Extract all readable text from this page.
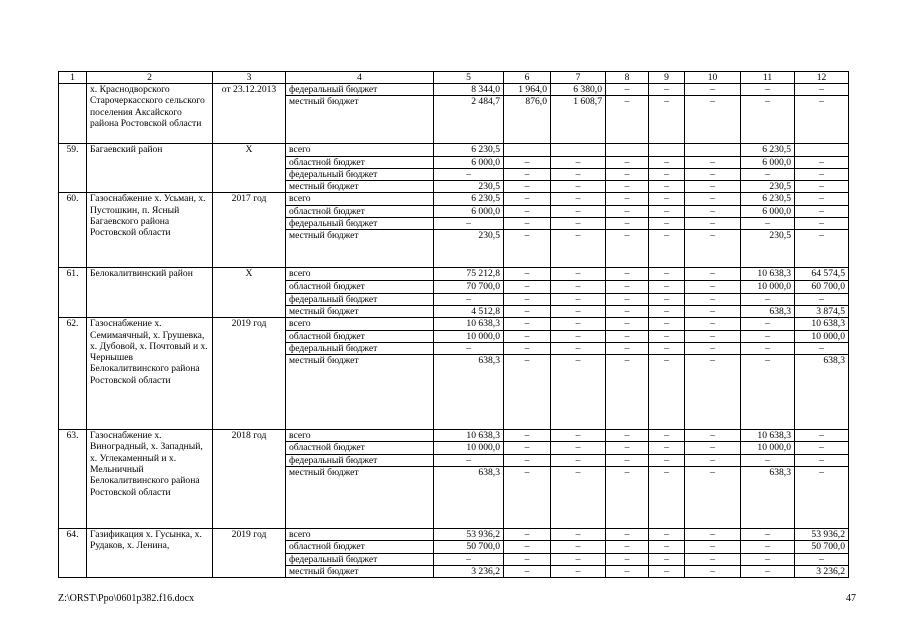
1	2	3	4	5	6	7	8	9	10	11	12
	х. Краснодворского Старочеркасского сельского поселения Аксайского района Ростовской области	от 23.12.2013	федеральный бюджет	8 344,0	1 964,0	6 380,0	–	–	–	–	–
			местный бюджет	2 484,7	876,0	1 608,7	–	–	–	–	–
59.	Багаевский район	Х	всего	6 230,5						6 230,5	
			областной бюджет	6 000,0	–	–	–	–	–	6 000,0	–
			федеральный бюджет	–	–	–	–	–	–	–	–
			местный бюджет	230,5	–	–	–	–	–	230,5	–
60.	Газоснабжение х. Усьман, х. Пустошкин, п. Ясный Багаевского района Ростовской области	2017 год	всего	6 230,5	–	–	–	–	–	6 230,5	–
			областной бюджет	6 000,0	–	–	–	–	–	6 000,0	–
			федеральный бюджет	–	–	–	–	–	–	–	–
			местный бюджет	230,5	–	–	–	–	–	230,5	–
61.	Белокалитвинский район	Х	всего	75 212,8	–	–	–	–	–	10 638,3	64 574,5
			областной бюджет	70 700,0	–	–	–	–	–	10 000,0	60 700,0
			федеральный бюджет	–	–	–	–	–	–	–	–
			местный бюджет	4 512,8	–	–	–	–	–	638,3	3 874,5
62.	Газоснабжение х. Семимаячный, х. Грушевка, х. Дубовой, х. Почтовый и х. Чернышев Белокалитвинского района Ростовской области	2019 год	всего	10 638,3	–	–	–	–	–	–	10 638,3
			областной бюджет	10 000,0	–	–	–	–	–	–	10 000,0
			федеральный бюджет	–	–	–	–	–	–	–	–
			местный бюджет	638,3	–	–	–	–	–	–	638,3
63.	Газоснабжение х. Виноградный, х. Западный, х. Углекаменный и х. Мельничный Белокалитвинского района Ростовской области	2018 год	всего	10 638,3	–	–	–	–	–	10 638,3	–
			областной бюджет	10 000,0	–	–	–	–	–	10 000,0	–
			федеральный бюджет	–	–	–	–	–	–	–	–
			местный бюджет	638,3	–	–	–	–	–	638,3	–
64.	Газификация х. Гусынка, х. Рудаков, х. Ленина,	2019 год	всего	53 936,2	–	–	–	–	–	–	53 936,2
			областной бюджет	50 700,0	–	–	–	–	–	–	50 700,0
			федеральный бюджет	–	–	–	–	–	–	–	–
			местный бюджет	3 236,2	–	–	–	–	–	–	3 236,2
Z:\ORST\Ppo\0601p382.f16.docx	47
